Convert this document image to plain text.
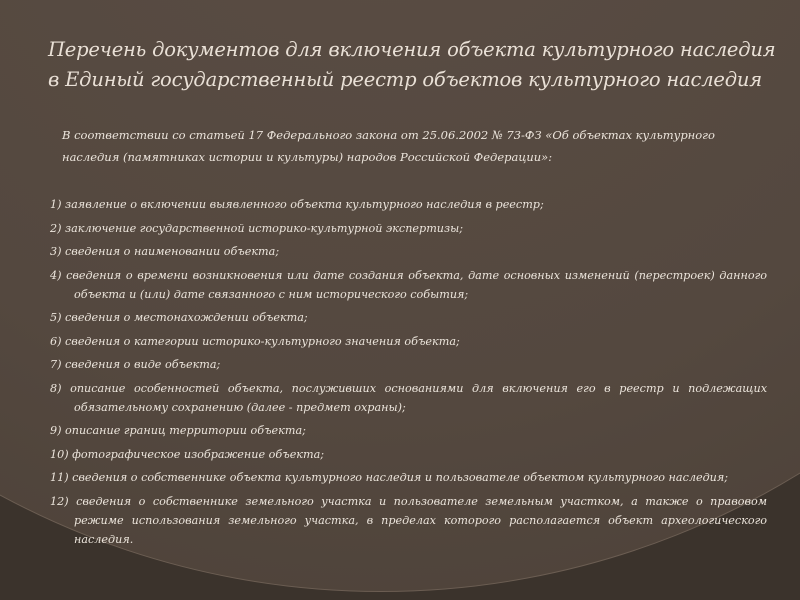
Перечень документов для включения объекта культурного наследия в Единый государственный реестр объектов культурного наследия
В соответствии со статьей 17 Федерального закона от 25.06.2002 № 73-ФЗ «Об объектах культурного наследия (памятниках истории и культуры) народов Российской Федерации»:
1) заявление о включении выявленного объекта культурного наследия в реестр;
2) заключение государственной историко-культурной экспертизы;
3) сведения о наименовании объекта;
4) сведения о времени возникновения или дате создания объекта, дате основных изменений (перестроек) данного объекта и (или) дате связанного с ним исторического события;
5) сведения о местонахождении объекта;
6) сведения о категории историко-культурного значения объекта;
7) сведения о виде объекта;
8) описание особенностей объекта, послуживших основаниями для включения его в реестр и подлежащих обязательному сохранению (далее - предмет охраны);
9) описание границ территории объекта;
10) фотографическое изображение объекта;
11) сведения о собственнике объекта культурного наследия и пользователе объектом культурного наследия;
12) сведения о собственнике земельного участка и пользователе земельным участком, а также о правовом режиме использования земельного участка, в пределах которого располагается объект археологического наследия.
